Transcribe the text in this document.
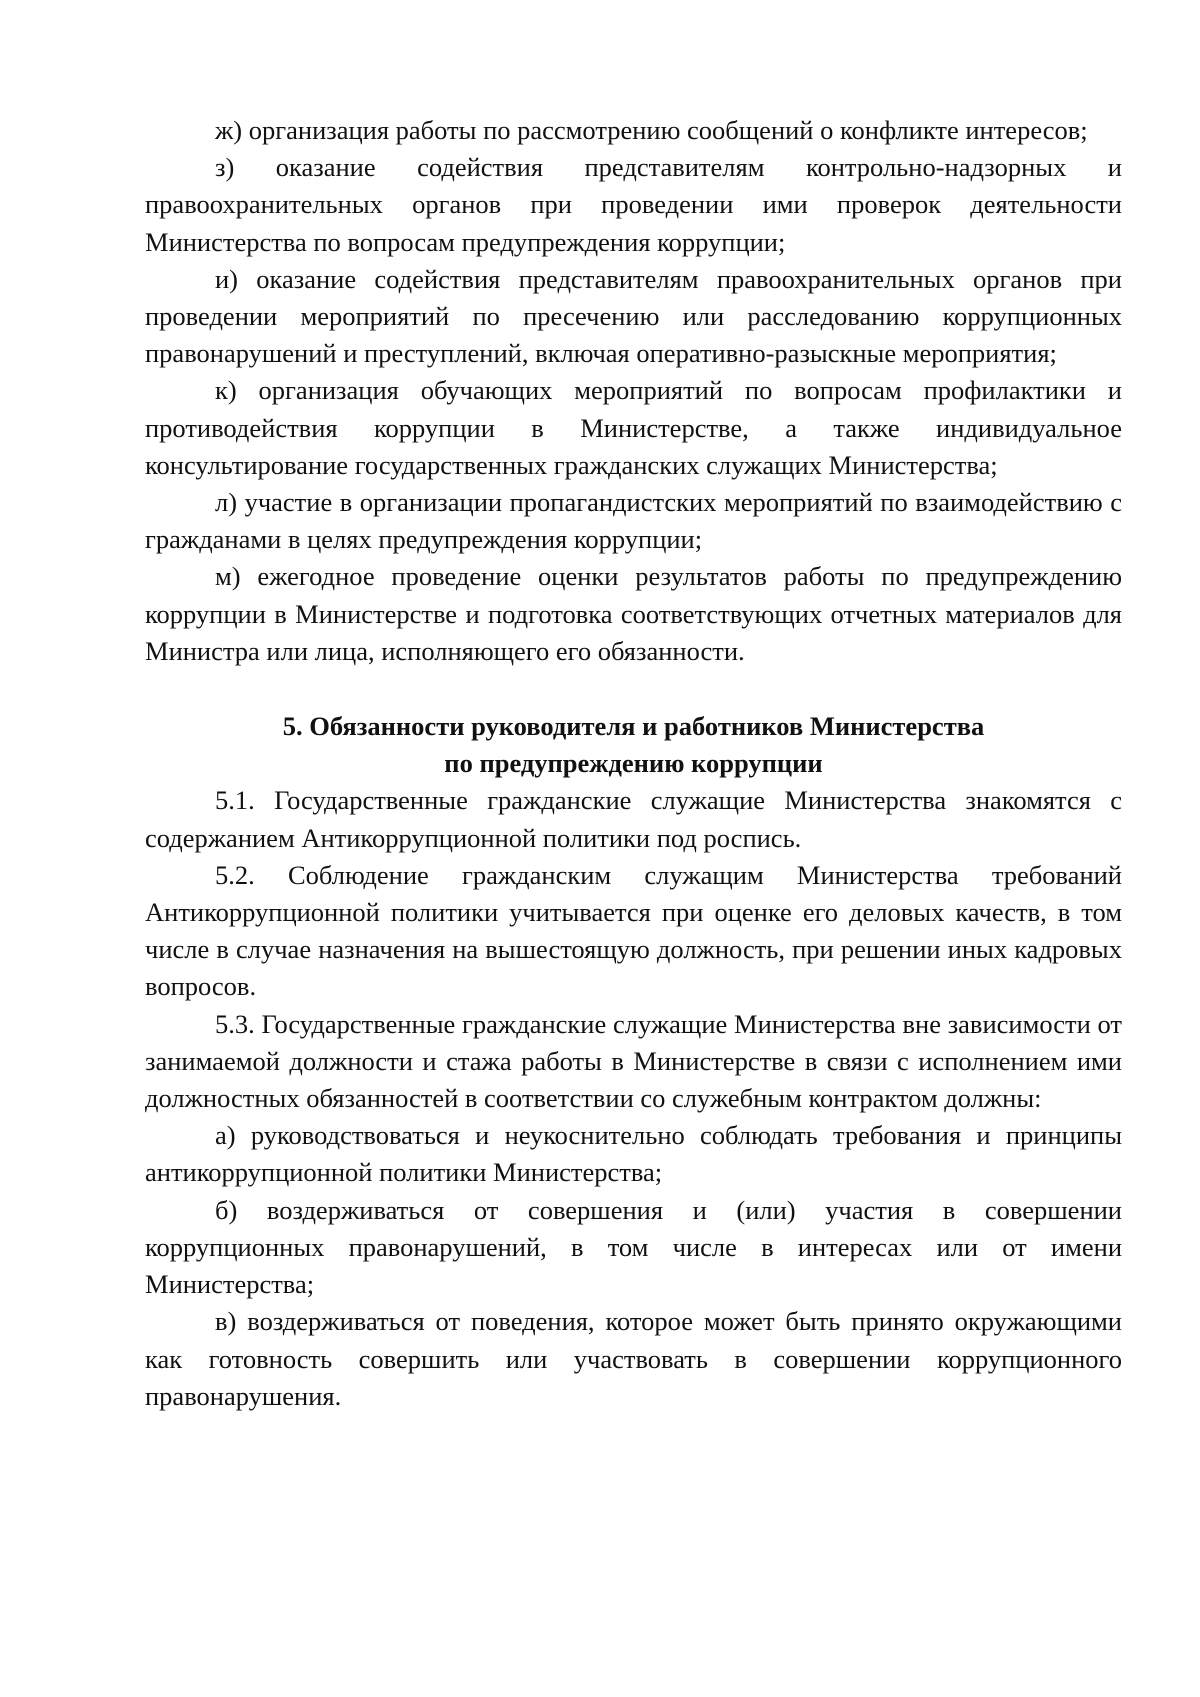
ж) организация работы по рассмотрению сообщений о конфликте интересов;

з) оказание содействия представителям контрольно-надзорных и правоохранительных органов при проведении ими проверок деятельности Министерства по вопросам предупреждения коррупции;

и) оказание содействия представителям правоохранительных органов при проведении мероприятий по пресечению или расследованию коррупционных правонарушений и преступлений, включая оперативно-разыскные мероприятия;

к) организация обучающих мероприятий по вопросам профилактики и противодействия коррупции в Министерстве, а также индивидуальное консультирование государственных гражданских служащих Министерства;

л) участие в организации пропагандистских мероприятий по взаимодействию с гражданами в целях предупреждения коррупции;

м) ежегодное проведение оценки результатов работы по предупреждению коррупции в Министерстве и подготовка соответствующих отчетных материалов для Министра или лица, исполняющего его обязанности.

5. Обязанности руководителя и работников Министерства

по предупреждению коррупции

5.1. Государственные гражданские служащие Министерства знакомятся с содержанием Антикоррупционной политики под роспись.

5.2. Соблюдение гражданским служащим Министерства требований Антикоррупционной политики учитывается при оценке его деловых качеств, в том числе в случае назначения на вышестоящую должность, при решении иных кадровых вопросов.

5.3. Государственные гражданские служащие Министерства вне зависимости от занимаемой должности и стажа работы в Министерстве в связи с исполнением ими должностных обязанностей в соответствии со служебным контрактом должны:

а) руководствоваться и неукоснительно соблюдать требования и принципы антикоррупционной политики Министерства;

б) воздерживаться от совершения и (или) участия в совершении коррупционных правонарушений, в том числе в интересах или от имени Министерства;

в) воздерживаться от поведения, которое может быть принято окружающими как готовность совершить или участвовать в совершении коррупционного правонарушения.
